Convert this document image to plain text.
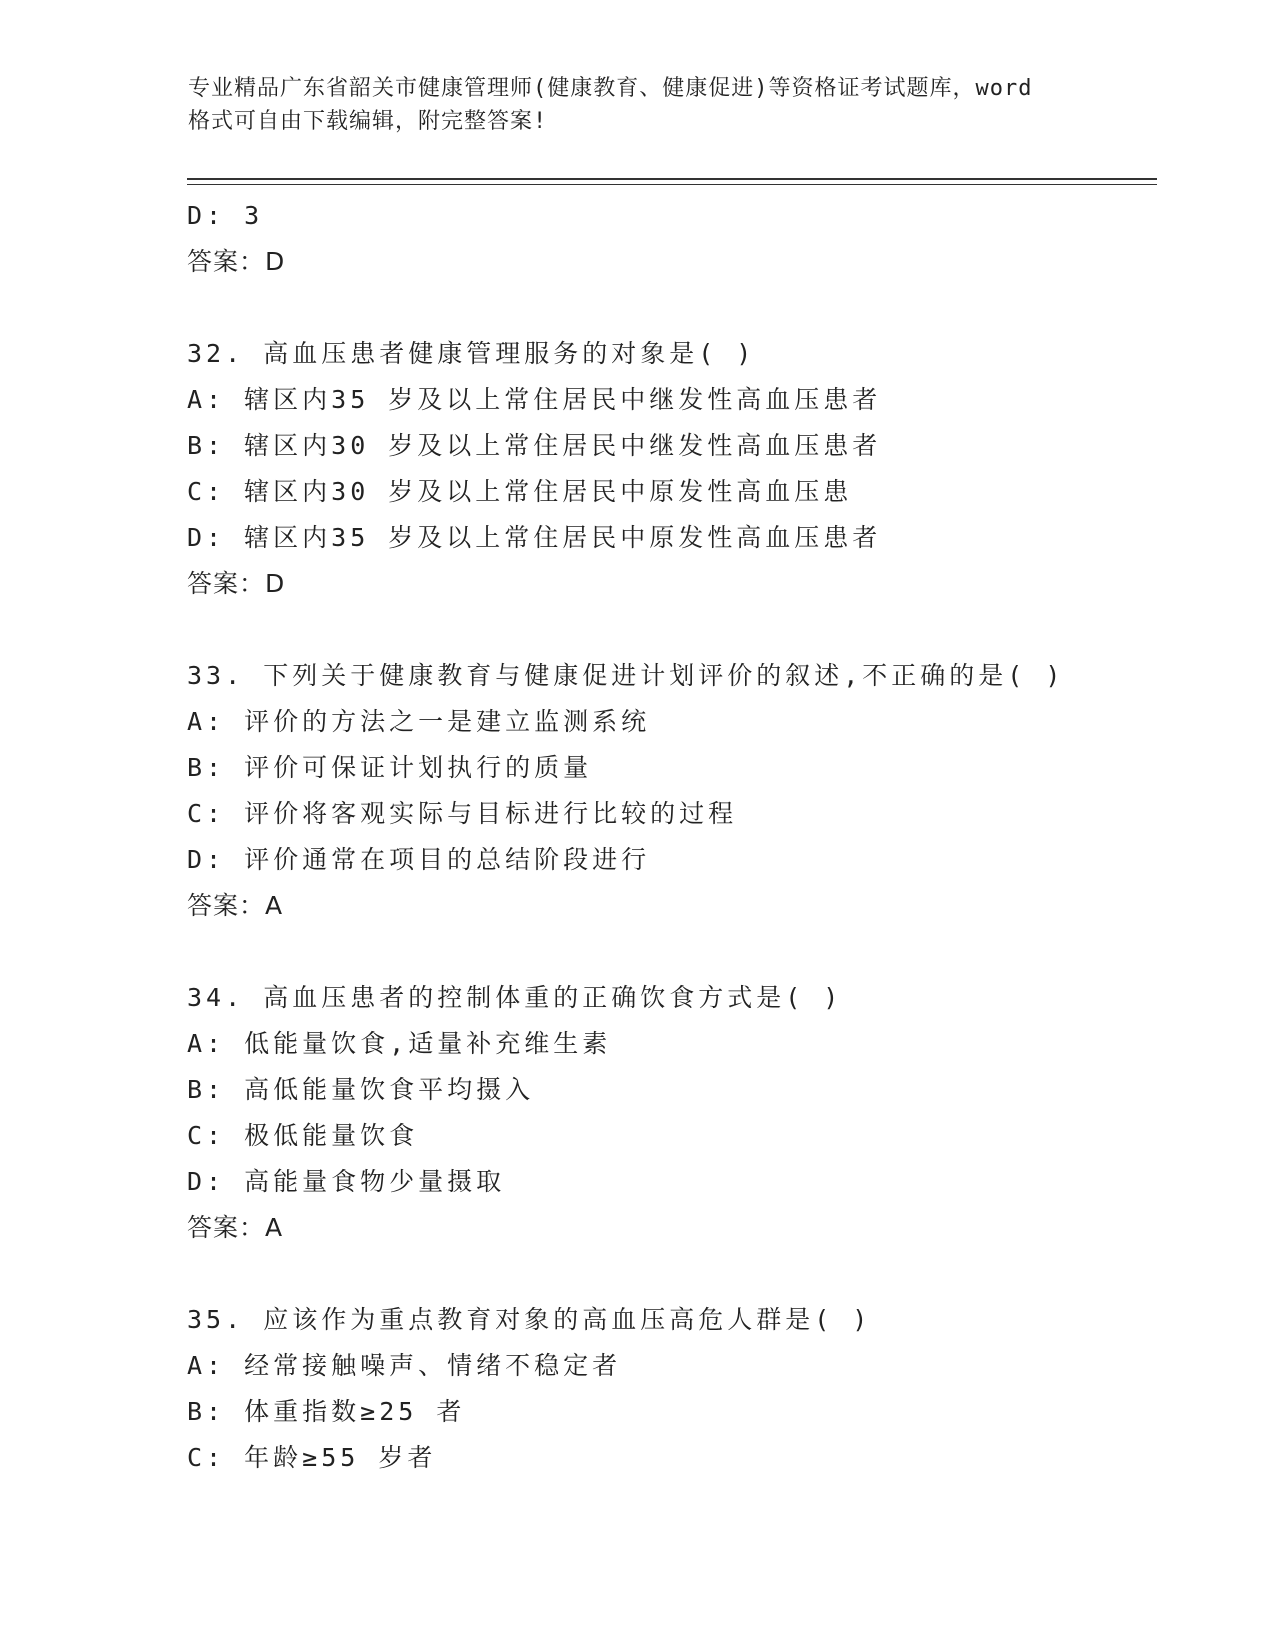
专业精品广东省韶关市健康管理师(健康教育、健康促进)等资格证考试题库，word
格式可自由下载编辑，附完整答案!
D: 3
答案：D
32. 高血压患者健康管理服务的对象是( )
A: 辖区内35 岁及以上常住居民中继发性高血压患者
B: 辖区内30 岁及以上常住居民中继发性高血压患者
C: 辖区内30 岁及以上常住居民中原发性高血压患
D: 辖区内35 岁及以上常住居民中原发性高血压患者
答案：D
33. 下列关于健康教育与健康促进计划评价的叙述,不正确的是( )
A: 评价的方法之一是建立监测系统
B: 评价可保证计划执行的质量
C: 评价将客观实际与目标进行比较的过程
D: 评价通常在项目的总结阶段进行
答案：A
34. 高血压患者的控制体重的正确饮食方式是( )
A: 低能量饮食,适量补充维生素
B: 高低能量饮食平均摄入
C: 极低能量饮食
D: 高能量食物少量摄取
答案：A
35. 应该作为重点教育对象的高血压高危人群是( )
A: 经常接触噪声、情绪不稳定者
B: 体重指数≥25 者
C: 年龄≥55 岁者
